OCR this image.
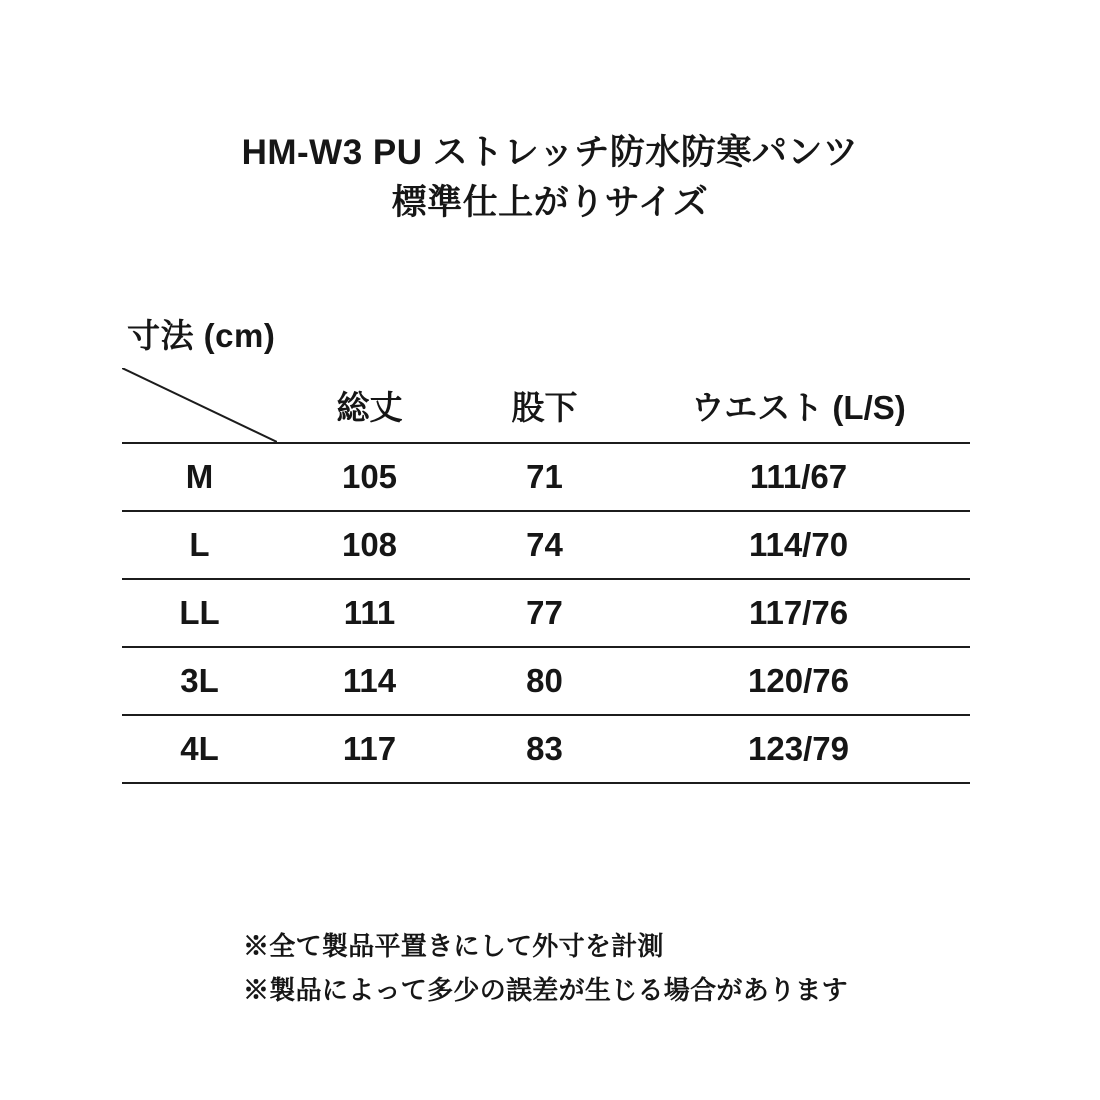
HM-W3 PU ストレッチ防水防寒パンツ
標準仕上がりサイズ
寸法 (cm)
	総丈	股下	ウエスト (L/S)
M	105	71	111/67
L	108	74	114/70
LL	111	77	117/76
3L	114	80	120/76
4L	117	83	123/79
※全て製品平置きにして外寸を計測
※製品によって多少の誤差が生じる場合があります
